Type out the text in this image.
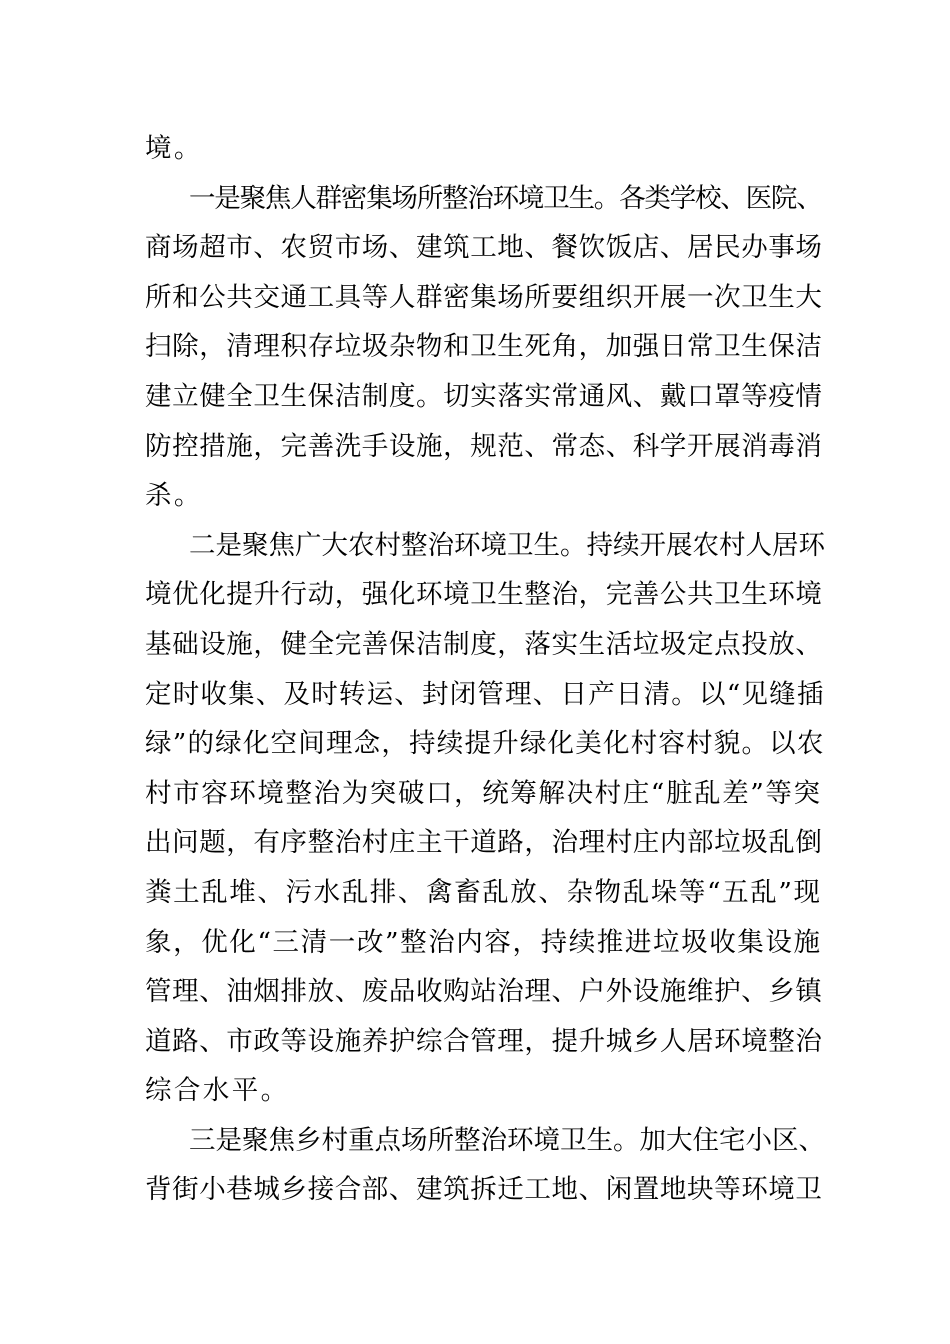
境。
一是聚焦人群密集场所整治环境卫生。各类学校、医院、
商场超市、农贸市场、建筑工地、餐饮饭店、居民办事场
所和公共交通工具等人群密集场所要组织开展一次卫生大
扫除，清理积存垃圾杂物和卫生死角，加强日常卫生保洁
建立健全卫生保洁制度。切实落实常通风、戴口罩等疫情
防控措施，完善洗手设施，规范、常态、科学开展消毒消
杀。
二是聚焦广大农村整治环境卫生。持续开展农村人居环
境优化提升行动，强化环境卫生整治，完善公共卫生环境
基础设施，健全完善保洁制度，落实生活垃圾定点投放、
定时收集、及时转运、封闭管理、日产日清。以“见缝插
绿”的绿化空间理念，持续提升绿化美化村容村貌。以农
村市容环境整治为突破口，统筹解决村庄“脏乱差”等突
出问题，有序整治村庄主干道路，治理村庄内部垃圾乱倒
粪土乱堆、污水乱排、禽畜乱放、杂物乱垛等“五乱”现
象，优化“三清一改”整治内容，持续推进垃圾收集设施
管理、油烟排放、废品收购站治理、户外设施维护、乡镇
道路、市政等设施养护综合管理，提升城乡人居环境整治
综合水平。
三是聚焦乡村重点场所整治环境卫生。加大住宅小区、
背街小巷城乡接合部、建筑拆迁工地、闲置地块等环境卫
